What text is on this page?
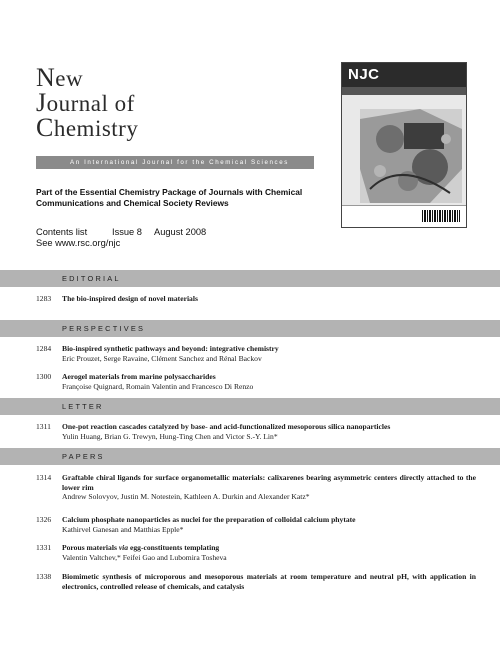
New
Journal of
Chemistry
An International Journal for the Chemical Sciences
NJC
Part of the Essential Chemistry Package of Journals with Chemical Communications and Chemical Society Reviews
Contents list	Issue 8 August 2008
See www.rsc.org/njc
EDITORIAL
1283 The bio-inspired design of novel materials
PERSPECTIVES
1284 Bio-inspired synthetic pathways and beyond: integrative chemistry
Eric Prouzet, Serge Ravaine, Clément Sanchez and Rénal Backov
1300 Aerogel materials from marine polysaccharides
Françoise Quignard, Romain Valentin and Francesco Di Renzo
LETTER
1311 One-pot reaction cascades catalyzed by base- and acid-functionalized mesoporous silica nanoparticles
Yulin Huang, Brian G. Trewyn, Hung-Ting Chen and Victor S.-Y. Lin*
PAPERS
1314 Graftable chiral ligands for surface organometallic materials: calixarenes bearing asymmetric centers directly attached to the lower rim
Andrew Solovyov, Justin M. Notestein, Kathleen A. Durkin and Alexander Katz*
1326 Calcium phosphate nanoparticles as nuclei for the preparation of colloidal calcium phytate
Kathirvel Ganesan and Matthias Epple*
1331 Porous materials via egg-constituents templating
Valentin Valtchev,* Feifei Gao and Lubomira Tosheva
1338 Biomimetic synthesis of microporous and mesoporous materials at room temperature and neutral pH, with application in electronics, controlled release of chemicals, and catalysis
